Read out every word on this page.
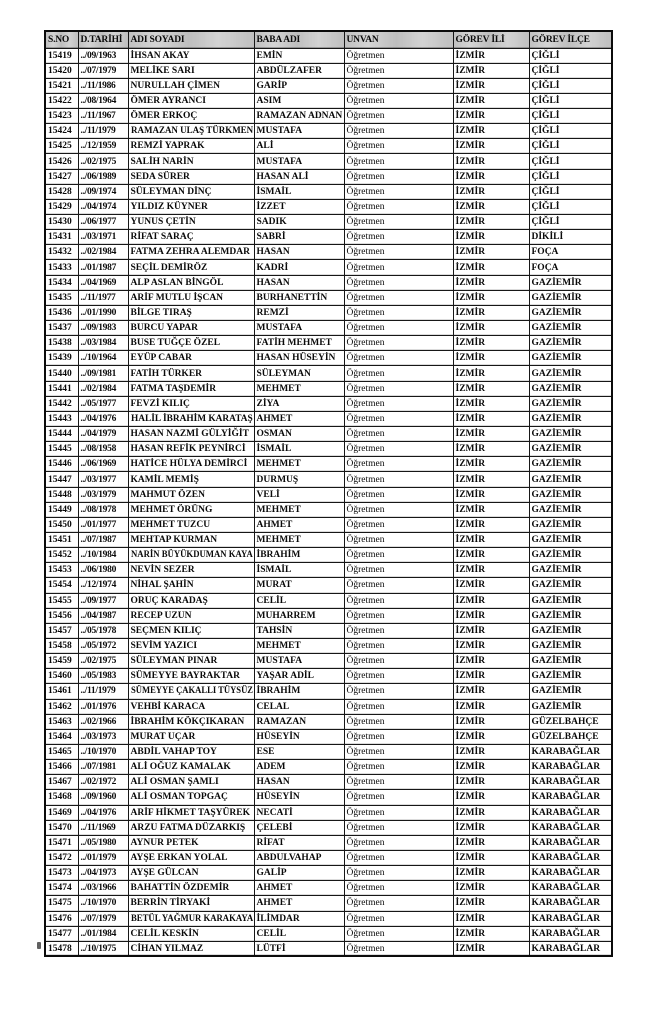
S.NO	D.TARİHİ	ADI SOYADI	BABA ADI	UNVAN	GÖREV İLİ	GÖREV İLÇE
15419	../09/1963	İHSAN AKAY	EMİN	Öğretmen	İZMİR	ÇİĞLİ
15420	../07/1979	MELİKE SARI	ABDÜLZAFER	Öğretmen	İZMİR	ÇİĞLİ
15421	../11/1986	NURULLAH ÇİMEN	GARİP	Öğretmen	İZMİR	ÇİĞLİ
15422	../08/1964	ÖMER AYRANCI	ASIM	Öğretmen	İZMİR	ÇİĞLİ
15423	../11/1967	ÖMER ERKOÇ	RAMAZAN ADNAN	Öğretmen	İZMİR	ÇİĞLİ
15424	../11/1979	RAMAZAN ULAŞ TÜRKMEN	MUSTAFA	Öğretmen	İZMİR	ÇİĞLİ
15425	../12/1959	REMZİ YAPRAK	ALİ	Öğretmen	İZMİR	ÇİĞLİ
15426	../02/1975	SALİH NARİN	MUSTAFA	Öğretmen	İZMİR	ÇİĞLİ
15427	../06/1989	SEDA SÜRER	HASAN ALİ	Öğretmen	İZMİR	ÇİĞLİ
15428	../09/1974	SÜLEYMAN DİNÇ	İSMAİL	Öğretmen	İZMİR	ÇİĞLİ
15429	../04/1974	YILDIZ KÜYNER	İZZET	Öğretmen	İZMİR	ÇİĞLİ
15430	../06/1977	YUNUS ÇETİN	SADIK	Öğretmen	İZMİR	ÇİĞLİ
15431	../03/1971	RİFAT SARAÇ	SABRİ	Öğretmen	İZMİR	DİKİLİ
15432	../02/1984	FATMA ZEHRA ALEMDAR	HASAN	Öğretmen	İZMİR	FOÇA
15433	../01/1987	SEÇİL DEMİRÖZ	KADRİ	Öğretmen	İZMİR	FOÇA
15434	../04/1969	ALP ASLAN BİNGÖL	HASAN	Öğretmen	İZMİR	GAZİEMİR
15435	../11/1977	ARİF MUTLU İŞCAN	BURHANETTİN	Öğretmen	İZMİR	GAZİEMİR
15436	../01/1990	BİLGE TIRAŞ	REMZİ	Öğretmen	İZMİR	GAZİEMİR
15437	../09/1983	BURCU YAPAR	MUSTAFA	Öğretmen	İZMİR	GAZİEMİR
15438	../03/1984	BUSE TUĞÇE ÖZEL	FATİH MEHMET	Öğretmen	İZMİR	GAZİEMİR
15439	../10/1964	EYÜP CABAR	HASAN HÜSEYİN	Öğretmen	İZMİR	GAZİEMİR
15440	../09/1981	FATİH TÜRKER	SÜLEYMAN	Öğretmen	İZMİR	GAZİEMİR
15441	../02/1984	FATMA TAŞDEMİR	MEHMET	Öğretmen	İZMİR	GAZİEMİR
15442	../05/1977	FEVZİ KILIÇ	ZİYA	Öğretmen	İZMİR	GAZİEMİR
15443	../04/1976	HALİL İBRAHİM KARATAŞ	AHMET	Öğretmen	İZMİR	GAZİEMİR
15444	../04/1979	HASAN NAZMİ GÜLYİĞİT	OSMAN	Öğretmen	İZMİR	GAZİEMİR
15445	../08/1958	HASAN REFİK PEYNİRCİ	İSMAİL	Öğretmen	İZMİR	GAZİEMİR
15446	../06/1969	HATİCE HÜLYA DEMİRCİ	MEHMET	Öğretmen	İZMİR	GAZİEMİR
15447	../03/1977	KAMİL MEMİŞ	DURMUŞ	Öğretmen	İZMİR	GAZİEMİR
15448	../03/1979	MAHMUT ÖZEN	VELİ	Öğretmen	İZMİR	GAZİEMİR
15449	../08/1978	MEHMET ÖRÜNG	MEHMET	Öğretmen	İZMİR	GAZİEMİR
15450	../01/1977	MEHMET TUZCU	AHMET	Öğretmen	İZMİR	GAZİEMİR
15451	../07/1987	MEHTAP KURMAN	MEHMET	Öğretmen	İZMİR	GAZİEMİR
15452	../10/1984	NARİN BÜYÜKDUMAN KAYA	İBRAHİM	Öğretmen	İZMİR	GAZİEMİR
15453	../06/1980	NEVİN SEZER	İSMAİL	Öğretmen	İZMİR	GAZİEMİR
15454	../12/1974	NİHAL ŞAHİN	MURAT	Öğretmen	İZMİR	GAZİEMİR
15455	../09/1977	ORUÇ KARADAŞ	CELİL	Öğretmen	İZMİR	GAZİEMİR
15456	../04/1987	RECEP UZUN	MUHARREM	Öğretmen	İZMİR	GAZİEMİR
15457	../05/1978	SEÇMEN KILIÇ	TAHSİN	Öğretmen	İZMİR	GAZİEMİR
15458	../05/1972	SEVİM YAZICI	MEHMET	Öğretmen	İZMİR	GAZİEMİR
15459	../02/1975	SÜLEYMAN PINAR	MUSTAFA	Öğretmen	İZMİR	GAZİEMİR
15460	../05/1983	SÜMEYYE BAYRAKTAR	YAŞAR ADİL	Öğretmen	İZMİR	GAZİEMİR
15461	../11/1979	SÜMEYYE ÇAKALLI TÜYSÜZ	İBRAHİM	Öğretmen	İZMİR	GAZİEMİR
15462	../01/1976	VEHBİ KARACA	CELAL	Öğretmen	İZMİR	GAZİEMİR
15463	../02/1966	İBRAHİM KÖKÇIKARAN	RAMAZAN	Öğretmen	İZMİR	GÜZELBAHÇE
15464	../03/1973	MURAT UÇAR	HÜSEYİN	Öğretmen	İZMİR	GÜZELBAHÇE
15465	../10/1970	ABDİL VAHAP TOY	ESE	Öğretmen	İZMİR	KARABAĞLAR
15466	../07/1981	ALİ OĞUZ KAMALAK	ADEM	Öğretmen	İZMİR	KARABAĞLAR
15467	../02/1972	ALİ OSMAN ŞAMLI	HASAN	Öğretmen	İZMİR	KARABAĞLAR
15468	../09/1960	ALİ OSMAN TOPGAÇ	HÜSEYİN	Öğretmen	İZMİR	KARABAĞLAR
15469	../04/1976	ARİF HİKMET TAŞYÜREK	NECATİ	Öğretmen	İZMİR	KARABAĞLAR
15470	../11/1969	ARZU FATMA DÜZARKIŞ	ÇELEBİ	Öğretmen	İZMİR	KARABAĞLAR
15471	../05/1980	AYNUR PETEK	RİFAT	Öğretmen	İZMİR	KARABAĞLAR
15472	../01/1979	AYŞE ERKAN YOLAL	ABDULVAHAP	Öğretmen	İZMİR	KARABAĞLAR
15473	../04/1973	AYŞE GÜLCAN	GALİP	Öğretmen	İZMİR	KARABAĞLAR
15474	../03/1966	BAHATTİN ÖZDEMİR	AHMET	Öğretmen	İZMİR	KARABAĞLAR
15475	../10/1970	BERRİN TİRYAKİ	AHMET	Öğretmen	İZMİR	KARABAĞLAR
15476	../07/1979	BETÜL YAĞMUR KARAKAYA	İLİMDAR	Öğretmen	İZMİR	KARABAĞLAR
15477	../01/1984	CELİL KESKİN	CELİL	Öğretmen	İZMİR	KARABAĞLAR
15478	../10/1975	CİHAN YILMAZ	LÜTFİ	Öğretmen	İZMİR	KARABAĞLAR
